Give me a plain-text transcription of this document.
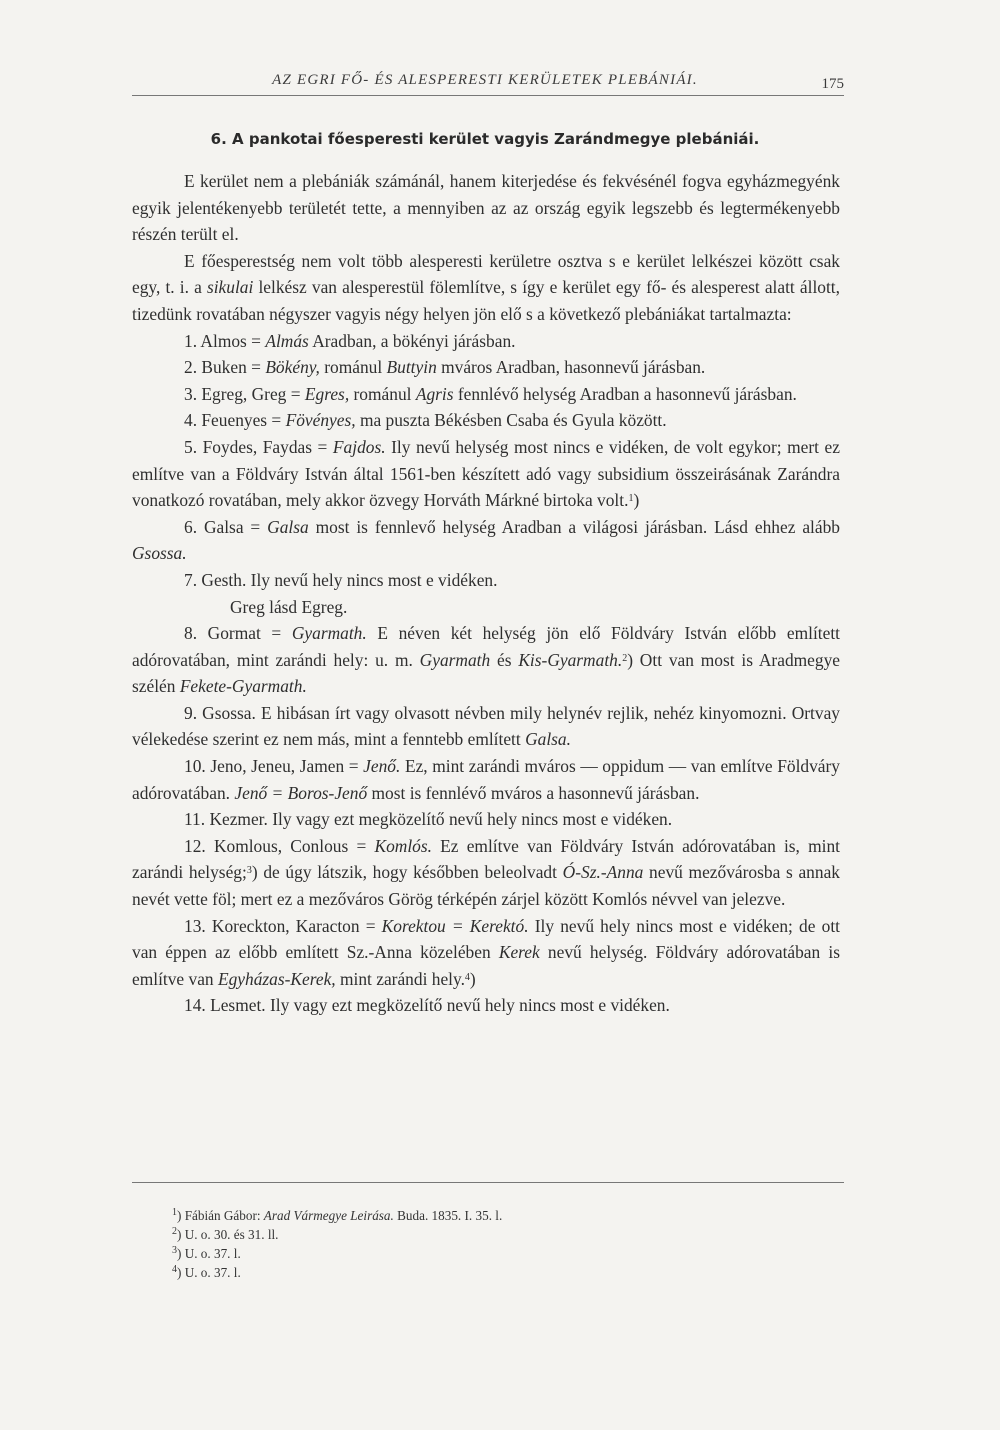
AZ EGRI FŐ- ÉS ALESPERESTI KERÜLETEK PLEBÁNIÁI.	175
6. A pankotai főesperesti kerület vagyis Zarándmegye plebániái.

E kerület nem a plebániák számánál, hanem kiterjedése és fekvésénél fogva egyházmegyénk egyik jelentékenyebb területét tette, a mennyiben az az ország egyik legszebb és legtermékenyebb részén terült el.

E főesperestség nem volt több alesperesti kerületre osztva s e kerület lelkészei között csak egy, t. i. a sikulai lelkész van alesperestül fölemlítve, s így e kerület egy fő- és alesperest alatt állott, tizedünk rovatában négyszer vagyis négy helyen jön elő s a következő plebániákat tartalmazta:

1. Almos = Almás Aradban, a bökényi járásban.

2. Buken = Bökény, románul Buttyin mváros Aradban, hasonnevű járásban.

3. Egreg, Greg = Egres, románul Agris fennlévő helység Aradban a hasonnevű járásban.

4. Feuenyes = Fövényes, ma puszta Békésben Csaba és Gyula között.

5. Foydes, Faydas = Fajdos. Ily nevű helység most nincs e vidéken, de volt egykor; mert ez említve van a Földváry István által 1561-ben készített adó vagy subsidium összeirásának Zarándra vonatkozó rovatában, mely akkor özvegy Horváth Márkné birtoka volt.$^1$)

6. Galsa = Galsa most is fennlevő helység Aradban a világosi járásban. Lásd ehhez alább Gsossa.

7. Gesth. Ily nevű hely nincs most e vidéken.

Greg lásd Egreg.

8. Gormat = Gyarmath. E néven két helység jön elő Földváry István előbb említett adórovatában, mint zarándi hely: u. m. Gyarmath és Kis-Gyarmath.$^2$) Ott van most is Aradmegye szélén Fekete-Gyarmath.

9. Gsossa. E hibásan írt vagy olvasott névben mily helynév rejlik, nehéz kinyomozni. Ortvay vélekedése szerint ez nem más, mint a fenntebb említett Galsa.

10. Jeno, Jeneu, Jamen = Jenő. Ez, mint zarándi mváros — oppidum — van említve Földváry adórovatában. Jenő = Boros-Jenő most is fennlévő mváros a hasonnevű járásban.

11. Kezmer. Ily vagy ezt megközelítő nevű hely nincs most e vidéken.

12. Komlous, Conlous = Komlós. Ez említve van Földváry István adórovatában is, mint zarándi helység;$^3$) de úgy látszik, hogy későbben beleolvadt Ó-Sz.-Anna nevű mezővárosba s annak nevét vette föl; mert ez a mezőváros Görög térképén zárjel között Komlós névvel van jelezve.

13. Koreckton, Karacton = Korektou = Kerektó. Ily nevű hely nincs most e vidéken; de ott van éppen az előbb említett Sz.-Anna közelében Kerek nevű helység. Földváry adórovatában is említve van Egyházas-Kerek, mint zarándi hely.$^4$)

14. Lesmet. Ily vagy ezt megközelítő nevű hely nincs most e vidéken.

$^1$) Fábián Gábor: Arad Vármegye Leirása. Buda. 1835. I. 35. l.
$^2$) U. o. 30. és 31. ll.
$^3$) U. o. 37. l.
$^4$) U. o. 37. l.
